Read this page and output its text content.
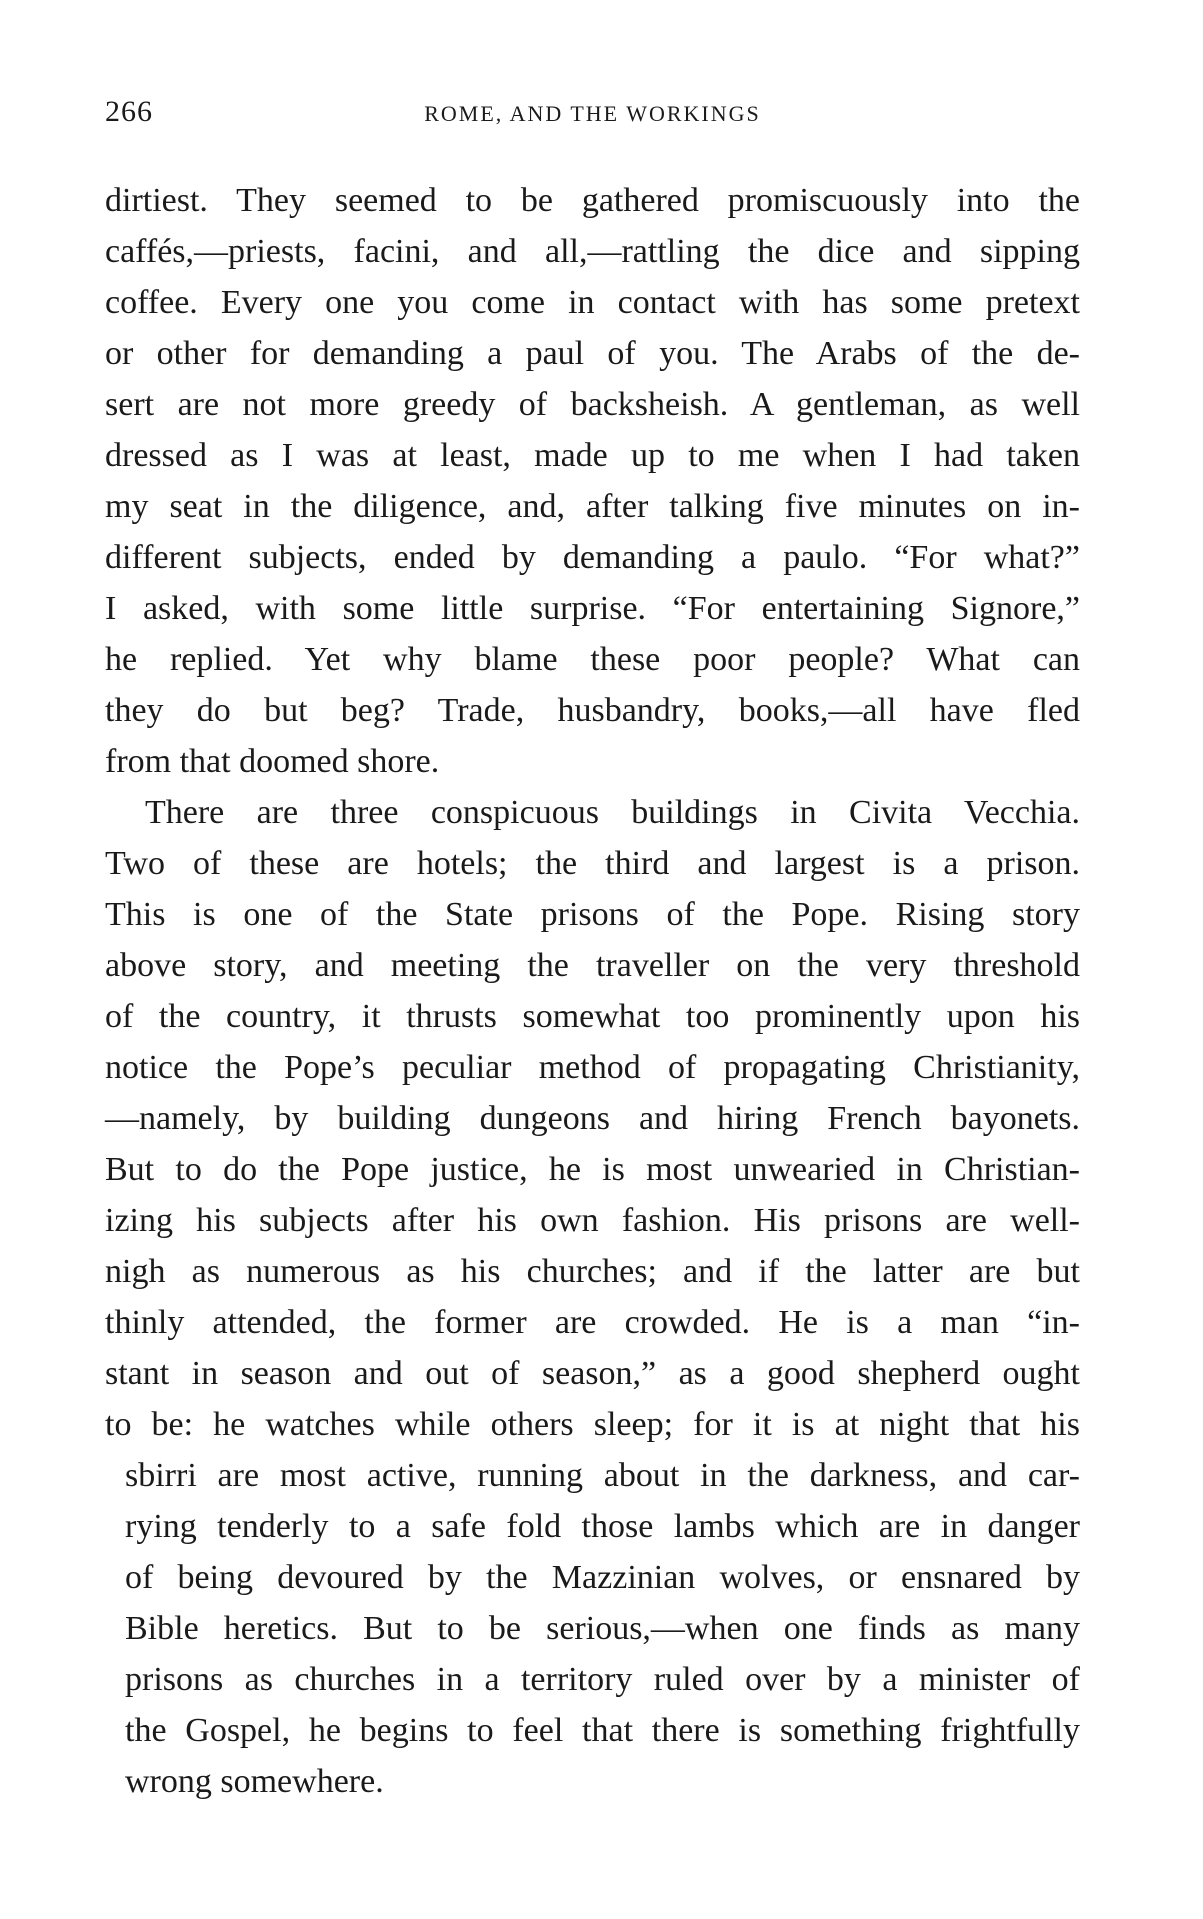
266	ROME, AND THE WORKINGS
dirtiest. They seemed to be gathered promiscuously into the
caffés,—priests, facini, and all,—rattling the dice and sipping
coffee. Every one you come in contact with has some pretext
or other for demanding a paul of you. The Arabs of the de-
sert are not more greedy of backsheish. A gentleman, as well
dressed as I was at least, made up to me when I had taken
my seat in the diligence, and, after talking five minutes on in-
different subjects, ended by demanding a paulo. “For what?”
I asked, with some little surprise. “For entertaining Signore,”
he replied. Yet why blame these poor people? What can
they do but beg? Trade, husbandry, books,—all have fled
from that doomed shore.
There are three conspicuous buildings in Civita Vecchia.
Two of these are hotels; the third and largest is a prison.
This is one of the State prisons of the Pope. Rising story
above story, and meeting the traveller on the very threshold
of the country, it thrusts somewhat too prominently upon his
notice the Pope’s peculiar method of propagating Christianity,
—namely, by building dungeons and hiring French bayonets.
But to do the Pope justice, he is most unwearied in Christian-
izing his subjects after his own fashion. His prisons are well-
nigh as numerous as his churches; and if the latter are but
thinly attended, the former are crowded. He is a man “in-
stant in season and out of season,” as a good shepherd ought
to be: he watches while others sleep; for it is at night that his
sbirri are most active, running about in the darkness, and car-
rying tenderly to a safe fold those lambs which are in danger
of being devoured by the Mazzinian wolves, or ensnared by
Bible heretics. But to be serious,—when one finds as many
prisons as churches in a territory ruled over by a minister of
the Gospel, he begins to feel that there is something frightfully
wrong somewhere.
